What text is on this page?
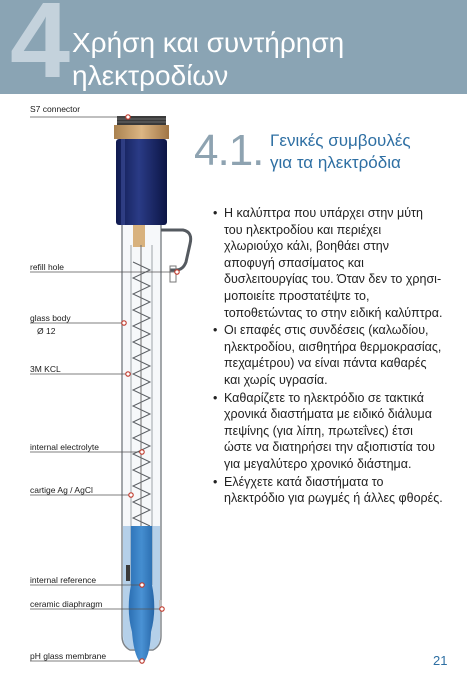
4 Χρήση και συντήρηση
ηλεκτροδίων
S7 connector
refill hole
glass body
Ø 12
3M KCL
internal electrolyte
cartige Ag / AgCl
internal reference
ceramic diaphragm
pH glass membrane
4.1. Γενικές συμβουλές
για τα ηλεκτρόδια
• Η καλύπτρα που υπάρχει στην μύτη του ηλεκτροδίου και περιέχει χλωριούχο κάλι, βοηθάει στην αποφυγή σπασίματος και δυσλειτουργίας του. Όταν δεν το χρησι-μοποιείτε προστατέψτε το, τοποθετώντας το στην ειδική καλύπτρα.
• Οι επαφές στις συνδέσεις (καλωδίου, ηλεκτροδίου, αισθητήρα θερμοκρασίας, πεχαμέτρου) να είναι πάντα καθαρές και χωρίς υγρασία.
• Καθαρίζετε το ηλεκτρόδιο σε τακτικά χρονικά διαστήματα με ειδικό διάλυμα πεψίνης (για λίπη, πρωτεΐνες) έτσι ώστε να διατηρήσει την αξιοπιστία του για μεγαλύτερο χρονικό διάστημα.
• Ελέγχετε κατά διαστήματα το ηλεκτρόδιο για ρωγμές ή άλλες φθορές.
21
